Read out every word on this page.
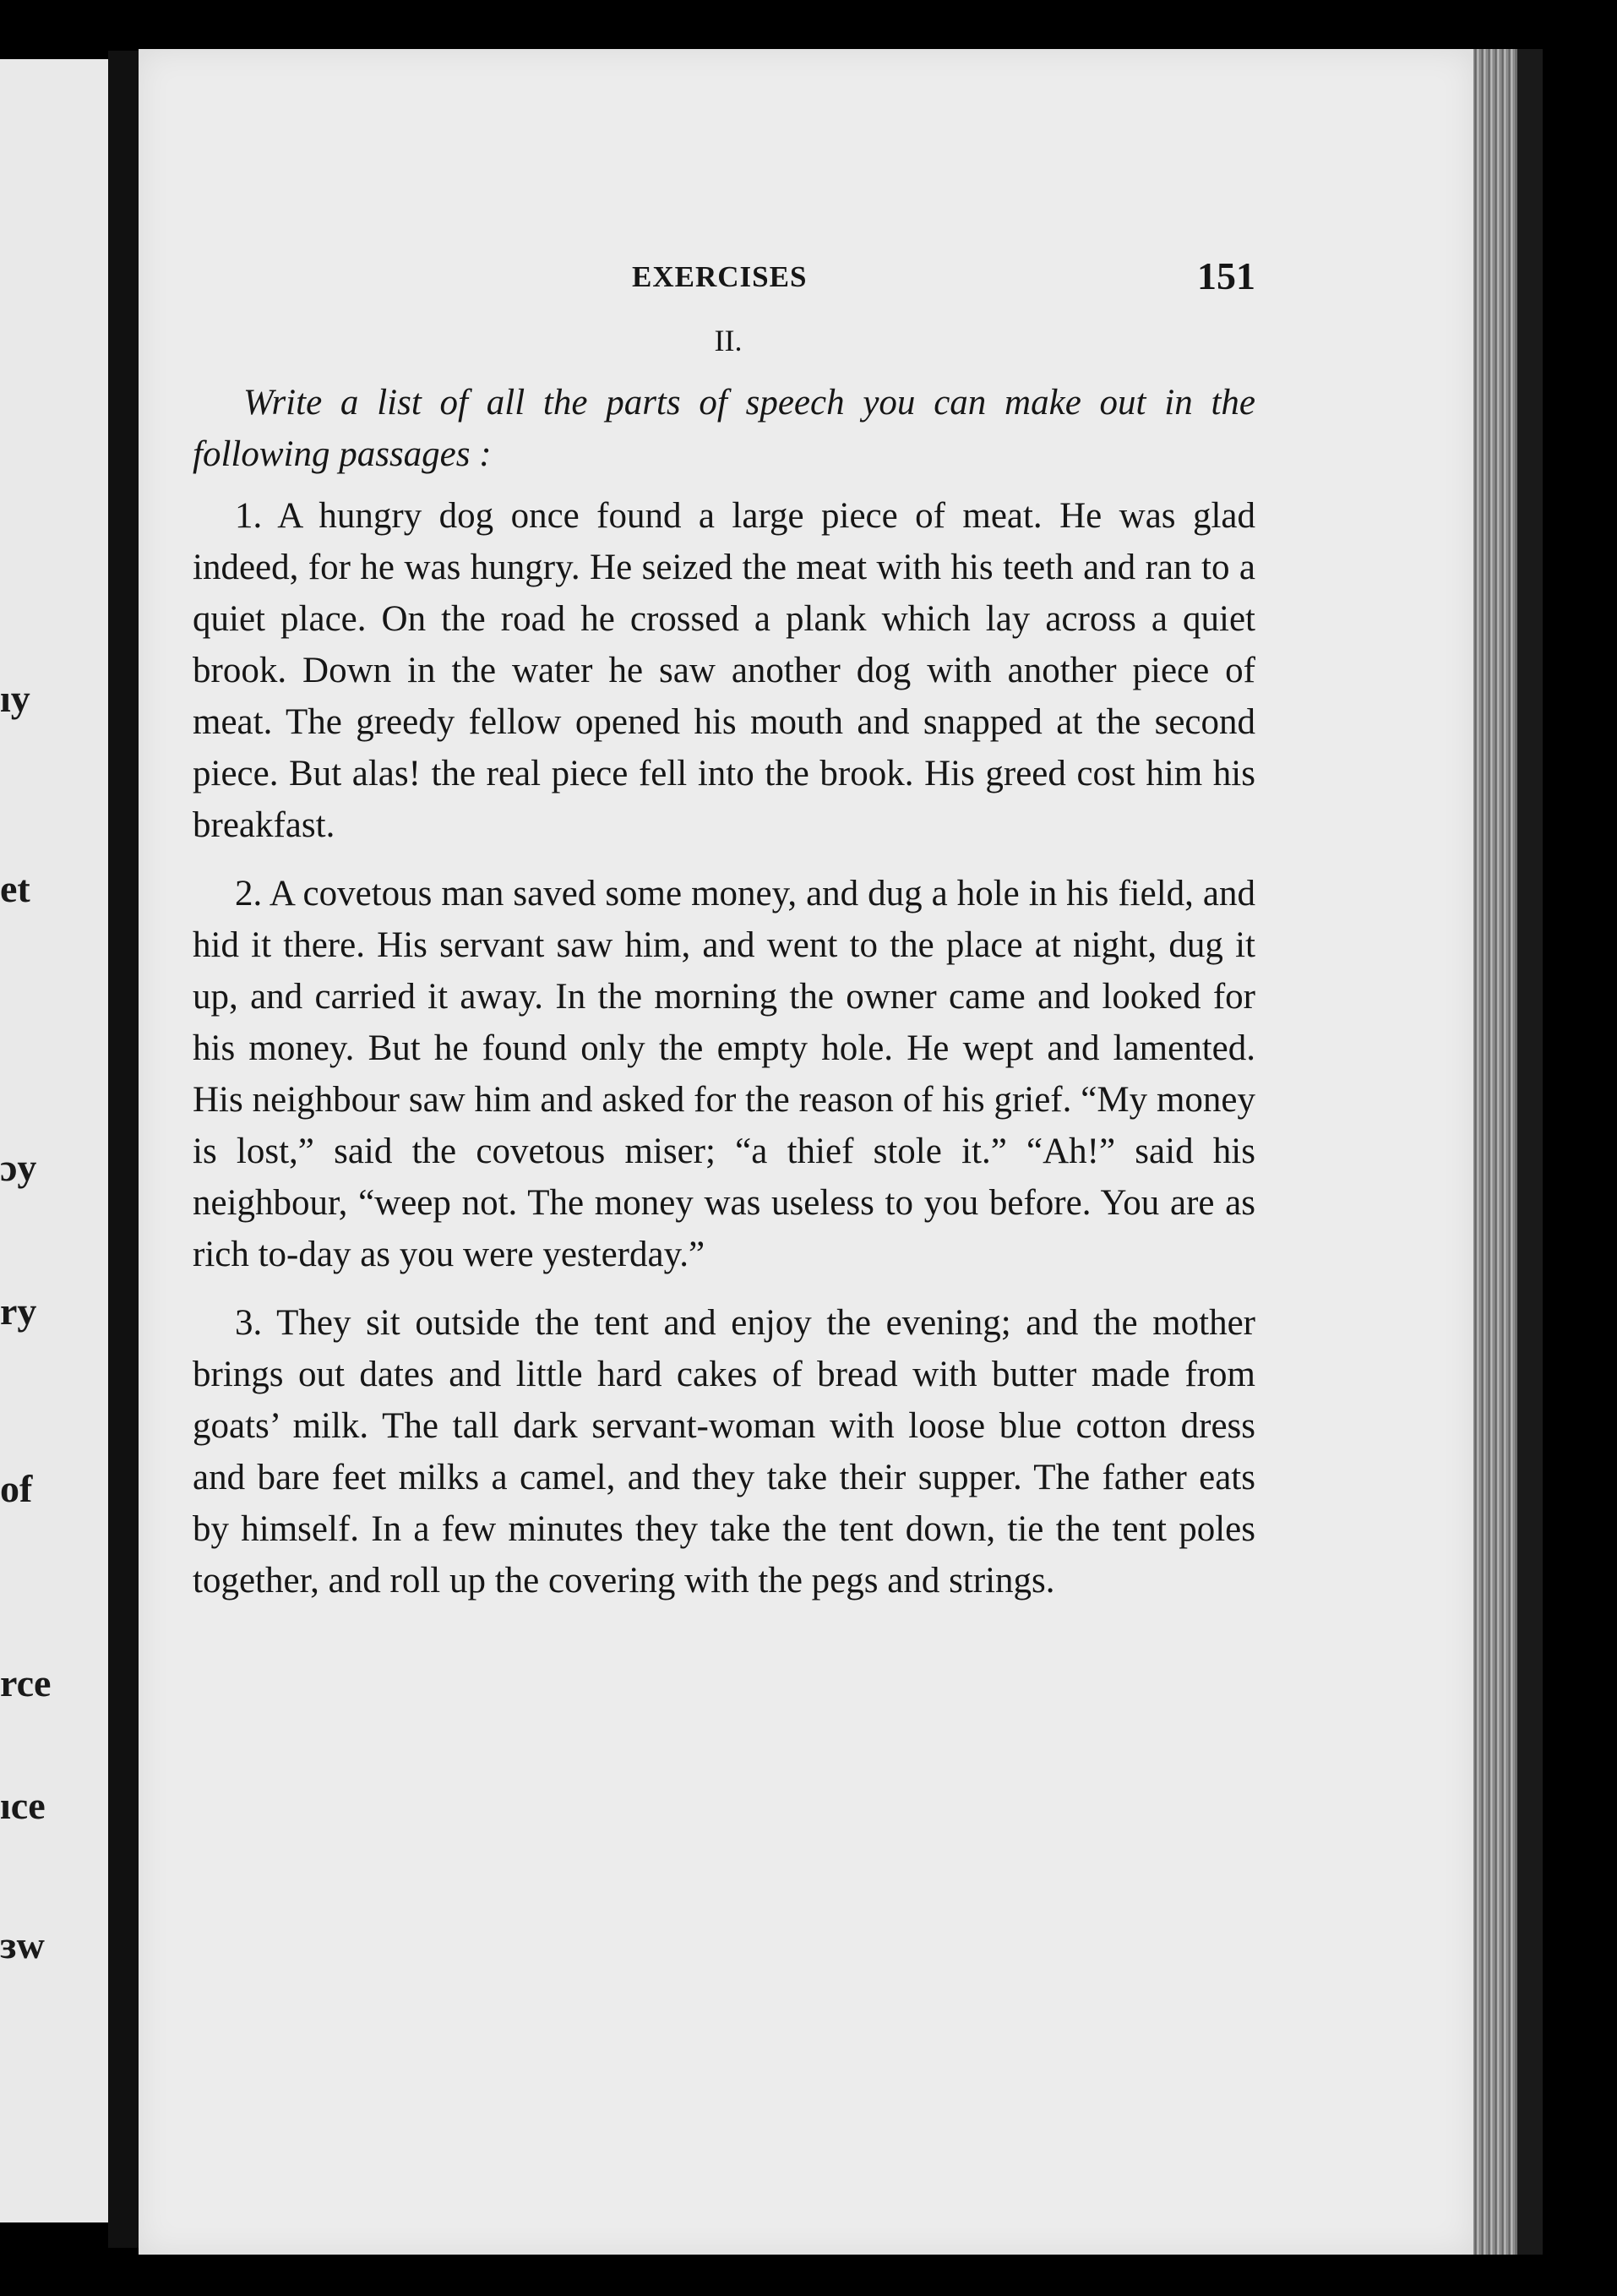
ıy
et
ɔy
ry
of
rce
ıce
ɜw
EXERCISES	151
II.

Write a list of all the parts of speech you can make out in the following passages :

1. A hungry dog once found a large piece of meat. He was glad indeed, for he was hungry. He seized the meat with his teeth and ran to a quiet place. On the road he crossed a plank which lay across a quiet brook. Down in the water he saw another dog with another piece of meat. The greedy fellow opened his mouth and snapped at the second piece. But alas! the real piece fell into the brook. His greed cost him his breakfast.

2. A covetous man saved some money, and dug a hole in his field, and hid it there. His servant saw him, and went to the place at night, dug it up, and carried it away. In the morning the owner came and looked for his money. But he found only the empty hole. He wept and lamented. His neighbour saw him and asked for the reason of his grief. “My money is lost,” said the covetous miser; “a thief stole it.” “Ah!” said his neighbour, “weep not. The money was useless to you before. You are as rich to-day as you were yesterday.”

3. They sit outside the tent and enjoy the evening; and the mother brings out dates and little hard cakes of bread with butter made from goats’ milk. The tall dark servant-woman with loose blue cotton dress and bare feet milks a camel, and they take their supper. The father eats by himself. In a few minutes they take the tent down, tie the tent poles together, and roll up the covering with the pegs and strings.
